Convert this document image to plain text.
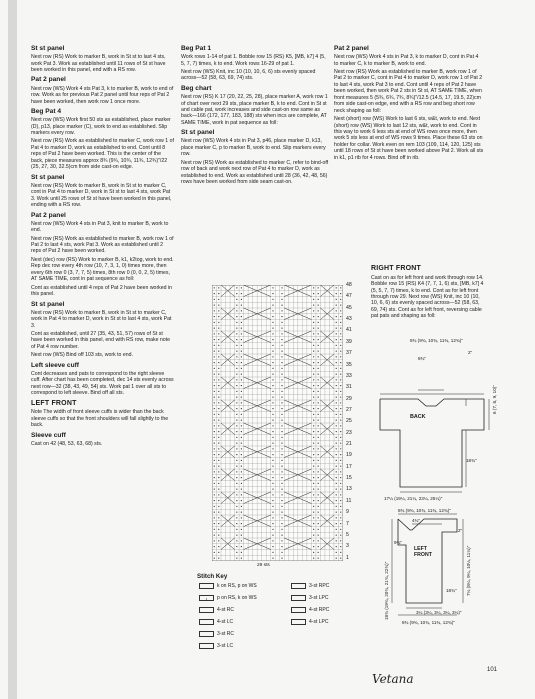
St st panel

Next row (RS) Work to marker B, work in St st to last 4 sts, work Pat 3. Work as established until 11 rows of St st have been worked in this panel, end with a RS row.

Pat 2 panel

Next row (WS) Work 4 sts Pat 3, k to marker B, work to end of row. Work as for previous Pat 2 panel until four reps of Pat 2 have been worked, then work row 1 once more.

Beg Pat 4

Next row (WS) Work first 50 sts as established, place marker (D), p13, place marker (C), work to end as established. Slip markers every row.

Next row (RS) Work as established to marker C, work row 1 of Pat 4 to marker D, work as established to end. Cont until 8 reps of Pat 2 have been worked. This is the center of the back, piece measures approx 8¾ (9¾, 10¾, 11¾, 12¾)"/22 (25, 27, 30, 32.5)cm from side cast-on edge.

St st panel

Next row (RS) Work to marker B, work in St st to marker C, cont in Pat 4 to marker D, work in St st to last 4 sts, work Pat 3. Work until 25 rows of St st have been worked in this panel, ending with a RS row.

Pat 2 panel

Next row (WS) Work 4 sts in Pat 3, knit to marker B, work to end.

Next row (RS) Work as established to marker B, work row 1 of Pat 2 to last 4 sts, work Pat 3. Work as established until 2 reps of Pat 2 have been worked.

Next (dec) row (RS) Work to marker B, k1, k2tog, work to end. Rep dec row every 4th row (10, 7, 3, 1, 0) times more, then every 6th row 0 (3, 7, 7, 5) times, 8th row 0 (0, 0, 2, 5) times, AT SAME TIME, cont in pat sequence as foll:

Cont as established until 4 reps of Pat 2 have been worked in this panel.

St st panel

Next row (RS) Work to marker B, work in St st to marker C, work in Pat 4 to marker D, work in St st to last 4 sts, work Pat 3.

Cont as established, until 27 (35, 43, 51, 57) rows of St st have been worked in this panel, end with RS row, make note of Pat 4 row number.

Next row (WS) Bind off 103 sts, work to end.

Left sleeve cuff

Cont decreases and pats to correspond to the right sleeve cuff. After chart has been completed, dec 14 sts evenly across next row—32 (38, 43, 49, 54) sts. Work pat 1 over all sts to correspond to left sleeve. Bind off all sts.

LEFT FRONT

Note The width of front sleeve cuffs is wider than the back sleeve cuffs so that the front shoulders will fall slightly to the back.

Sleeve cuff

Cast on 42 (48, 53, 63, 68) sts.

Beg Pat 1

Work rows 1-14 of pat 1. Bobble row 15 (RS) K5, [MB, k7] 4 (5, 5, 7, 7) times, k to end. Work rows 16-29 of pat 1.

Next row (WS) Knit, inc 10 (10, 10, 6, 6) sts evenly spaced across—52 (58, 63, 69, 74) sts.

Beg chart

Next row (RS) K 17 (20, 22, 25, 28), place marker A, work row 1 of chart over next 29 sts, place marker B, k to end. Cont in St st and cable pat, work increases and side cast-on row same as back—166 (172, 177, 183, 188) sts when incs are complete, AT SAME TIME, work in pat sequence as foll:

St st panel

Next row (WS) Work 4 sts in Pat 3, p46, place marker D, k13, place marker C, p to marker B, work to end. Slip markers every row.

Next row (RS) Work as established to marker C, refer to bind-off row of back and work next row of Pat 4 to marker D, work as established to end. Work as established until 28 (36, 42, 48, 56) rows have been worked from side seam cast-on.

48
47
45
43
41
39
37
35
33
31
29
27
25
23
21
19
17
15
13
11
9
7
5
3
1
29 sts
Stitch Key
k on RS, p on WS
•	p on RS, k on WS
4-st RC
4-st LC
3-st RC
3-st LC
3-st RPC
3-st LPC
4-st RPC
4-st LPC
Pat 2 panel

Next row (WS) Work 4 sts in Pat 3, k to marker D, cont in Pat 4 to marker C, k to marker B, work to end.

Next row (RS) Work as established to marker B, work row 1 of Pat 2 to marker C, cont in Pat 4 to marker D, work row 1 of Pat 2 to last 4 sts, work Pat 3 to end. Cont until 4 reps of Pat 2 have been worked, then work Pat 2 sts in St st, AT SAME TIME, when front measures 5 (5¾, 6¾, 7¾, 8¾)"/12.5 (14.5, 17, 19.5, 22)cm from side cast-on edge, end with a RS row and beg short row neck shaping as foll:

Next (short) row (WS) Work to last 6 sts, w&t, work to end. Next (short) row (WS) Work to last 12 sts, w&t, work to end. Cont in this way to work 6 less sts at end of WS rows once more, then work 5 sts less at end of WS rows 9 times. Place these 63 sts on holder for collar. Work even on rem 103 (109, 114, 120, 125) sts until 18 rows of St st have been worked above Pat 2. Work all sts in k1, p1 rib for 4 rows. Bind off in rib.

RIGHT FRONT

Cast on as for left front and work through row 14. Bobble row 15 (RS) K4 (7, 7, 1, 6) sts, [MB, k7] 4 (5, 5, 7, 7) times, k to end. Cont as for left front through row 29. Next row (WS) Knit, inc 10 (10, 10, 6, 6) sts evenly spaced across—52 (58, 63, 69, 74) sts. Cont as for left front, reversing cable pat pats and shaping as foll:

8¾ (9¾, 10¾, 11¾, 12¾)"
8¾"
2"
6 (7, 8, 9, 10)"
BACK
18¾"
17¼ (19¼, 21¼, 23¼, 25¼)"
8¾ (9¾, 10¾, 11¾, 12¾)"
4¾"
2"
9¾"
LEFT FRONT
18¾ (19¾, 20¾, 21¾, 22¾)"	7¼ (8¼, 9¼, 10¼, 11¼)"
18¾"
3¼ (3¼, 3¼, 3¼, 3¼)"
8¾ (9¾, 10¾, 11¾, 12¾)"
101
Vetana
